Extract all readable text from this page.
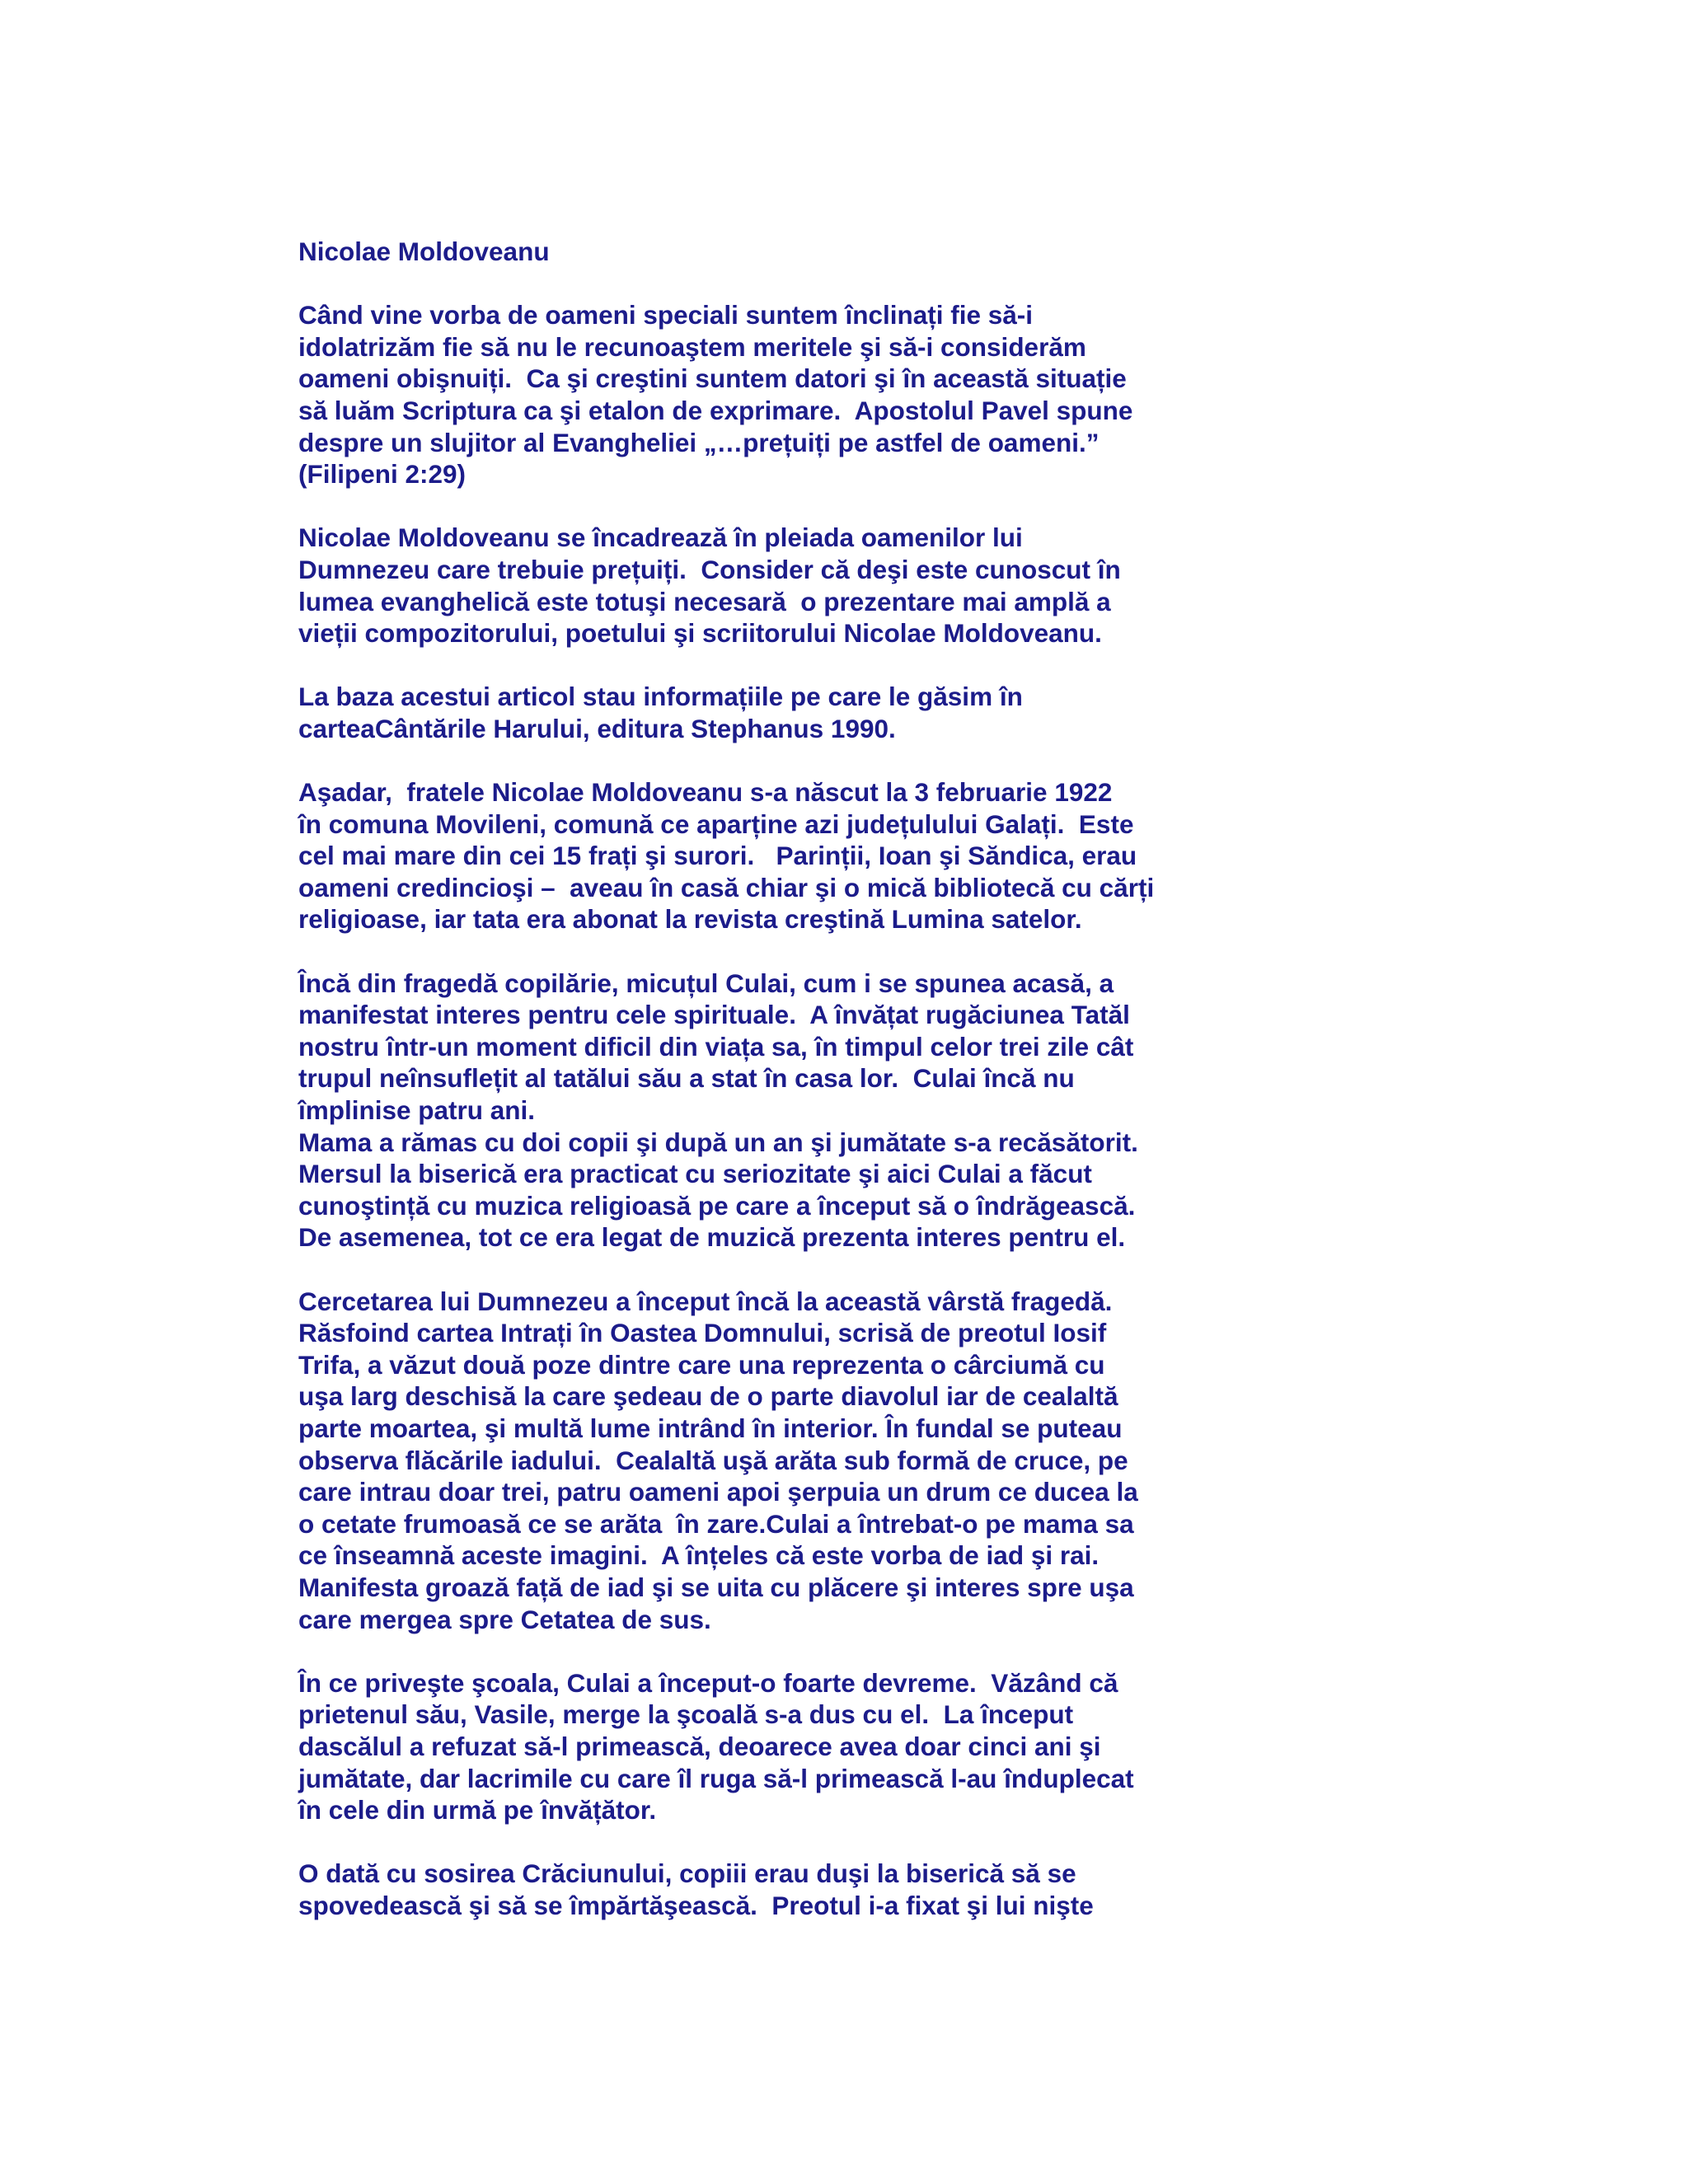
Nicolae Moldoveanu
Când vine vorba de oameni speciali suntem înclinați fie să-i
idolatrizăm fie să nu le recunoaştem meritele şi să-i considerăm
oameni obişnuiți.  Ca şi creştini suntem datori şi în această situație
să luăm Scriptura ca şi etalon de exprimare.  Apostolul Pavel spune
despre un slujitor al Evangheliei „…prețuiți pe astfel de oameni.”
(Filipeni 2:29)
Nicolae Moldoveanu se încadrează în pleiada oamenilor lui
Dumnezeu care trebuie prețuiți.  Consider că deşi este cunoscut în
lumea evanghelică este totuşi necesară  o prezentare mai amplă a
vieții compozitorului, poetului şi scriitorului Nicolae Moldoveanu.
La baza acestui articol stau informațiile pe care le găsim în
carteaCântările Harului, editura Stephanus 1990.
Aşadar,  fratele Nicolae Moldoveanu s-a născut la 3 februarie 1922
în comuna Movileni, comună ce aparține azi județulului Galați.  Este
cel mai mare din cei 15 frați şi surori.   Parinții, Ioan şi Săndica, erau
oameni credincioşi –  aveau în casă chiar şi o mică bibliotecă cu cărți
religioase, iar tata era abonat la revista creştină Lumina satelor.
Încă din fragedă copilărie, micuțul Culai, cum i se spunea acasă, a
manifestat interes pentru cele spirituale.  A învățat rugăciunea Tatăl
nostru într-un moment dificil din viața sa, în timpul celor trei zile cât
trupul neînsuflețit al tatălui său a stat în casa lor.  Culai încă nu
împlinise patru ani.
Mama a rămas cu doi copii şi după un an şi jumătate s-a recăsătorit.
Mersul la biserică era practicat cu seriozitate şi aici Culai a făcut
cunoştință cu muzica religioasă pe care a început să o îndrăgească.
De asemenea, tot ce era legat de muzică prezenta interes pentru el.
Cercetarea lui Dumnezeu a început încă la această vârstă fragedă.
Răsfoind cartea Intrați în Oastea Domnului, scrisă de preotul Iosif
Trifa, a văzut două poze dintre care una reprezenta o cârciumă cu
uşa larg deschisă la care şedeau de o parte diavolul iar de cealaltă
parte moartea, şi multă lume intrând în interior. În fundal se puteau
observa flăcările iadului.  Cealaltă uşă arăta sub formă de cruce, pe
care intrau doar trei, patru oameni apoi şerpuia un drum ce ducea la
o cetate frumoasă ce se arăta  în zare.Culai a întrebat-o pe mama sa
ce înseamnă aceste imagini.  A înțeles că este vorba de iad şi rai.
Manifesta groază față de iad şi se uita cu plăcere şi interes spre uşa
care mergea spre Cetatea de sus.
În ce priveşte şcoala, Culai a început-o foarte devreme.  Văzând că
prietenul său, Vasile, merge la şcoală s-a dus cu el.  La început
dascălul a refuzat să-l primească, deoarece avea doar cinci ani şi
jumătate, dar lacrimile cu care îl ruga să-l primească l-au înduplecat
în cele din urmă pe învățător.
O dată cu sosirea Crăciunului, copiii erau duşi la biserică să se
spovedească şi să se împărtăşească.  Preotul i-a fixat şi lui nişte
